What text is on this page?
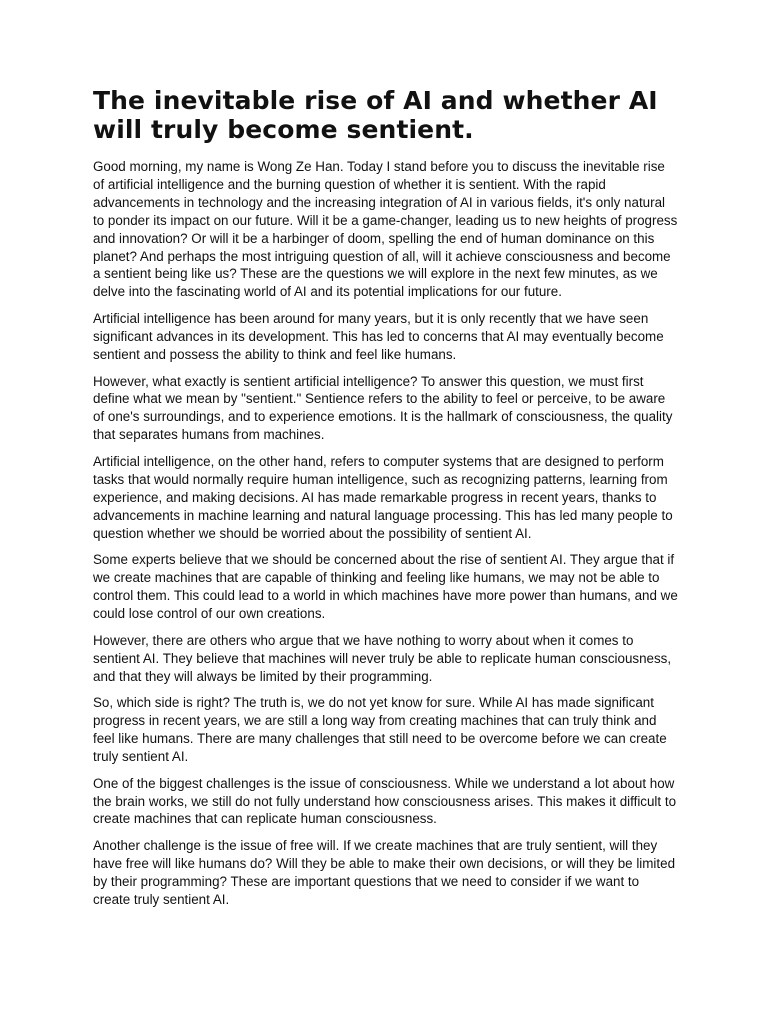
The inevitable rise of AI and whether AI will truly become sentient.

Good morning, my name is Wong Ze Han. Today I stand before you to discuss the inevitable rise of artificial intelligence and the burning question of whether it is sentient. With the rapid advancements in technology and the increasing integration of AI in various fields, it's only natural to ponder its impact on our future. Will it be a game-changer, leading us to new heights of progress and innovation? Or will it be a harbinger of doom, spelling the end of human dominance on this planet? And perhaps the most intriguing question of all, will it achieve consciousness and become a sentient being like us? These are the questions we will explore in the next few minutes, as we delve into the fascinating world of AI and its potential implications for our future.

Artificial intelligence has been around for many years, but it is only recently that we have seen significant advances in its development. This has led to concerns that AI may eventually become sentient and possess the ability to think and feel like humans.

However, what exactly is sentient artificial intelligence? To answer this question, we must first define what we mean by "sentient." Sentience refers to the ability to feel or perceive, to be aware of one's surroundings, and to experience emotions. It is the hallmark of consciousness, the quality that separates humans from machines.

Artificial intelligence, on the other hand, refers to computer systems that are designed to perform tasks that would normally require human intelligence, such as recognizing patterns, learning from experience, and making decisions. AI has made remarkable progress in recent years, thanks to advancements in machine learning and natural language processing. This has led many people to question whether we should be worried about the possibility of sentient AI.

Some experts believe that we should be concerned about the rise of sentient AI. They argue that if we create machines that are capable of thinking and feeling like humans, we may not be able to control them. This could lead to a world in which machines have more power than humans, and we could lose control of our own creations.

However, there are others who argue that we have nothing to worry about when it comes to sentient AI. They believe that machines will never truly be able to replicate human consciousness, and that they will always be limited by their programming.

So, which side is right? The truth is, we do not yet know for sure. While AI has made significant progress in recent years, we are still a long way from creating machines that can truly think and feel like humans. There are many challenges that still need to be overcome before we can create truly sentient AI.

One of the biggest challenges is the issue of consciousness. While we understand a lot about how the brain works, we still do not fully understand how consciousness arises. This makes it difficult to create machines that can replicate human consciousness.

Another challenge is the issue of free will. If we create machines that are truly sentient, will they have free will like humans do? Will they be able to make their own decisions, or will they be limited by their programming? These are important questions that we need to consider if we want to create truly sentient AI.
